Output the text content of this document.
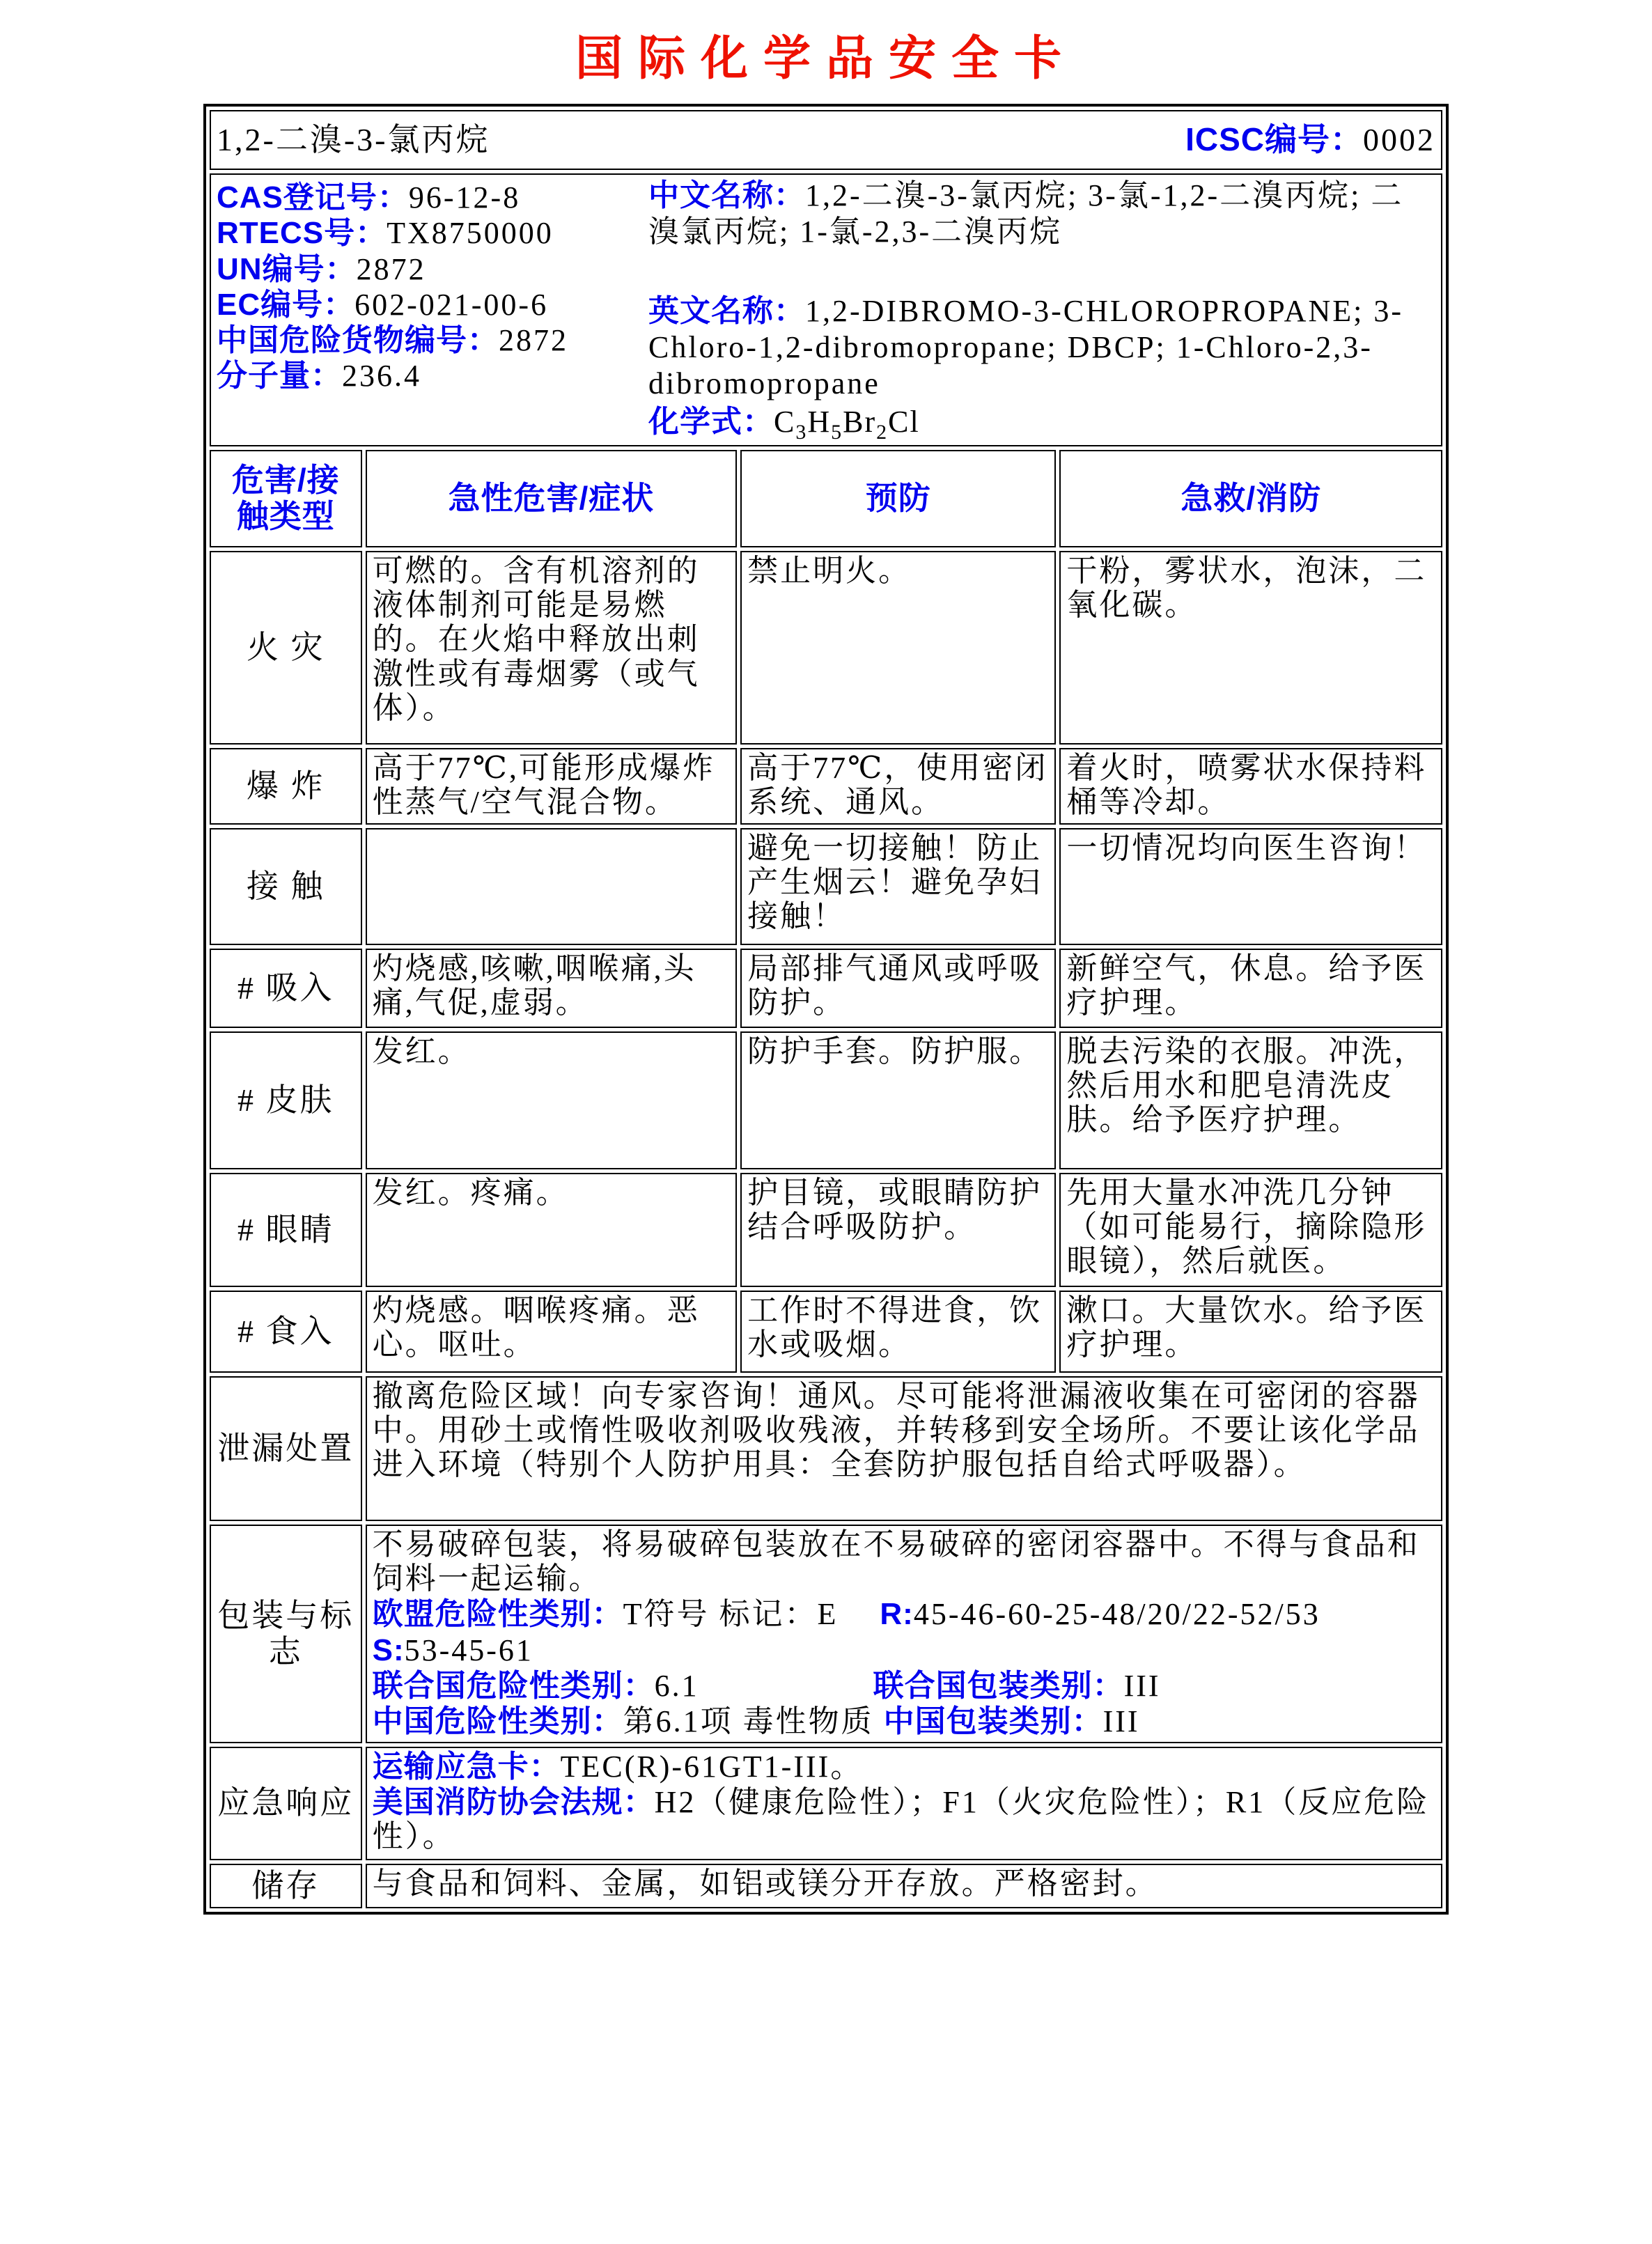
国际化学品安全卡
1,2-二溴-3-氯丙烷 ICSC编号：0002			

CAS登记号：96-12-8
RTECS号：TX8750000
UN编号：2872
EC编号：602-021-00-6
中国危险货物编号：2872
分子量：236.4
中文名称：1,2-二溴-3-氯丙烷; 3-氯-1,2-二溴丙烷; 二溴氯丙烷; 1-氯-2,3-二溴丙烷
英文名称：1,2-DIBROMO-3-CHLOROPROPANE; 3-Chloro-1,2-dibromopropane; DBCP; 1-Chloro-2,3-dibromopropane
化学式：$C_3H_5Br_2Cl$

危害/接触类型	急性危害/症状	预防	急救/消防
火 灾	可燃的。含有机溶剂的液体制剂可能是易燃的。在火焰中释放出刺激性或有毒烟雾（或气体）。	禁止明火。	干粉，雾状水，泡沫，二氧化碳。
爆 炸	高于77℃,可能形成爆炸性蒸气/空气混合物。	高于77℃，使用密闭系统、通风。	着火时，喷雾状水保持料桶等冷却。
接 触		避免一切接触！防止产生烟云！避免孕妇接触！	一切情况均向医生咨询！
# 吸入	灼烧感,咳嗽,咽喉痛,头痛,气促,虚弱。	局部排气通风或呼吸防护。	新鲜空气，休息。给予医疗护理。
# 皮肤	发红。	防护手套。防护服。	脱去污染的衣服。冲洗，然后用水和肥皂清洗皮肤。给予医疗护理。
# 眼睛	发红。疼痛。	护目镜，或眼睛防护结合呼吸防护。	先用大量水冲洗几分钟（如可能易行，摘除隐形眼镜），然后就医。
# 食入	灼烧感。咽喉疼痛。恶心。呕吐。	工作时不得进食，饮水或吸烟。	漱口。大量饮水。给予医疗护理。
泄漏处置	撤离危险区域！向专家咨询！通风。尽可能将泄漏液收集在可密闭的容器中。用砂土或惰性吸收剂吸收残液，并转移到安全场所。不要让该化学品进入环境（特别个人防护用具：全套防护服包括自给式呼吸器）。		

包装与标志	不易破碎包装，将易破碎包装放在不易破碎的密闭容器中。不得与食品和饲料一起运输。
欧盟危险性类别：T符号 标记：E R:45-46-60-25-48/20/22-52/53
S:53-45-61
联合国危险性类别：6.1 联合国包装类别：III
中国危险性类别：第6.1项 毒性物质 中国包装类别：III		

应急响应	运输应急卡：TEC(R)-61GT1-III。
美国消防协会法规：H2（健康危险性）；F1（火灾危险性）；R1（反应危险性）。		

储存	与食品和饲料、金属，如铝或镁分开存放。严格密封。		
